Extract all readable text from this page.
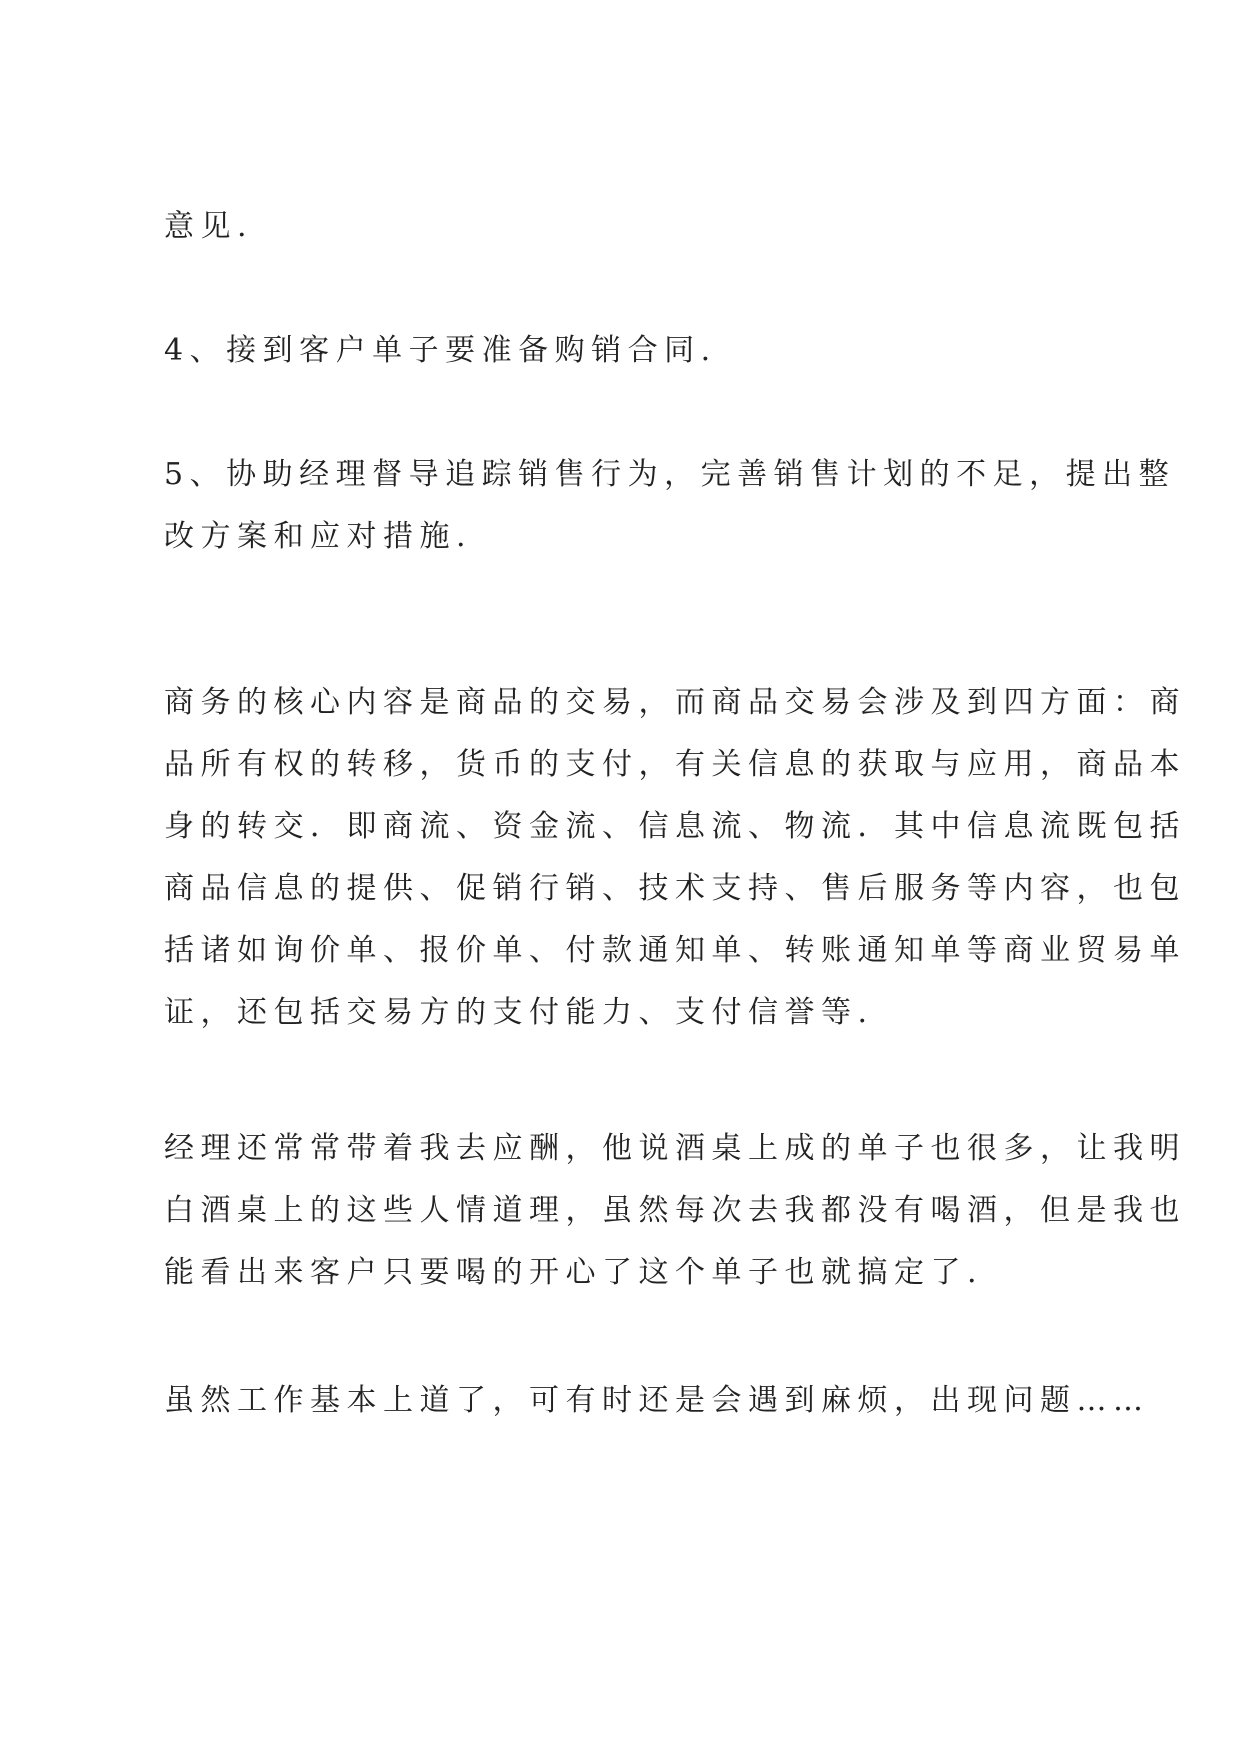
意见.

4、接到客户单子要准备购销合同.

5、协助经理督导追踪销售行为，完善销售计划的不足，提出整
改方案和应对措施.

商务的核心内容是商品的交易，而商品交易会涉及到四方面：商
品所有权的转移，货币的支付，有关信息的获取与应用，商品本
身的转交．即商流、资金流、信息流、物流．其中信息流既包括
商品信息的提供、促销行销、技术支持、售后服务等内容，也包
括诸如询价单、报价单、付款通知单、转账通知单等商业贸易单
证，还包括交易方的支付能力、支付信誉等.

经理还常常带着我去应酬，他说酒桌上成的单子也很多，让我明
白酒桌上的这些人情道理，虽然每次去我都没有喝酒，但是我也
能看出来客户只要喝的开心了这个单子也就搞定了.

虽然工作基本上道了，可有时还是会遇到麻烦，出现问题……
